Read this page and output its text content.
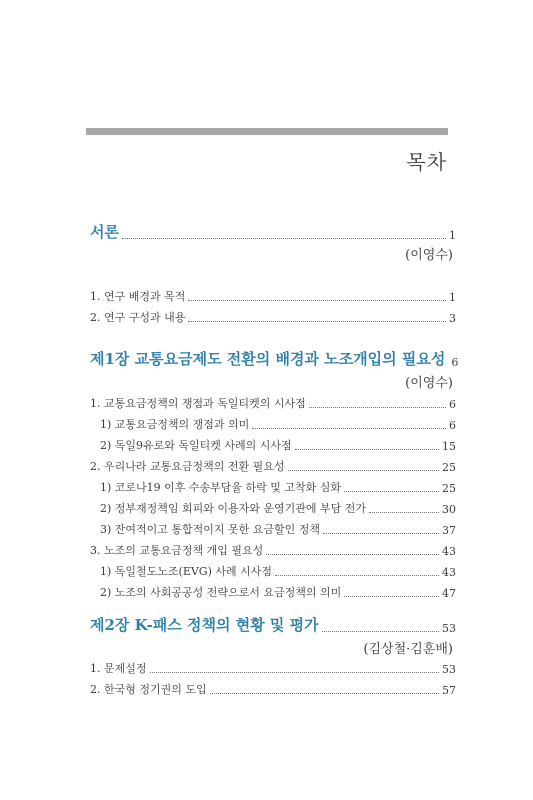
목차
서론	1
(이영수)
1. 연구 배경과 목적	1
2. 연구 구성과 내용	3
제1장 교통요금제도 전환의 배경과 노조개입의 필요성 6
(이영수)
1. 교통요금정책의 쟁점과 독일티켓의 시사점	6
1) 교통요금정책의 쟁점과 의미	6
2) 독일9유로와 독일티켓 사례의 시사점	15
2. 우리나라 교통요금정책의 전환 필요성	25
1) 코로나19 이후 수송부담율 하락 및 고착화 심화	25
2) 정부재정책임 회피와 이용자와 운영기관에 부담 전가	30
3) 잔여적이고 통합적이지 못한 요금할인 정책	37
3. 노조의 교통요금정책 개입 필요성	43
1) 독일철도노조(EVG) 사례 시사점	43
2) 노조의 사회공공성 전략으로서 요금정책의 의미	47
제2장 K-패스 정책의 현황 및 평가	53
(김상철·김훈배)
1. 문제설정	53
2. 한국형 정기권의 도입	57
